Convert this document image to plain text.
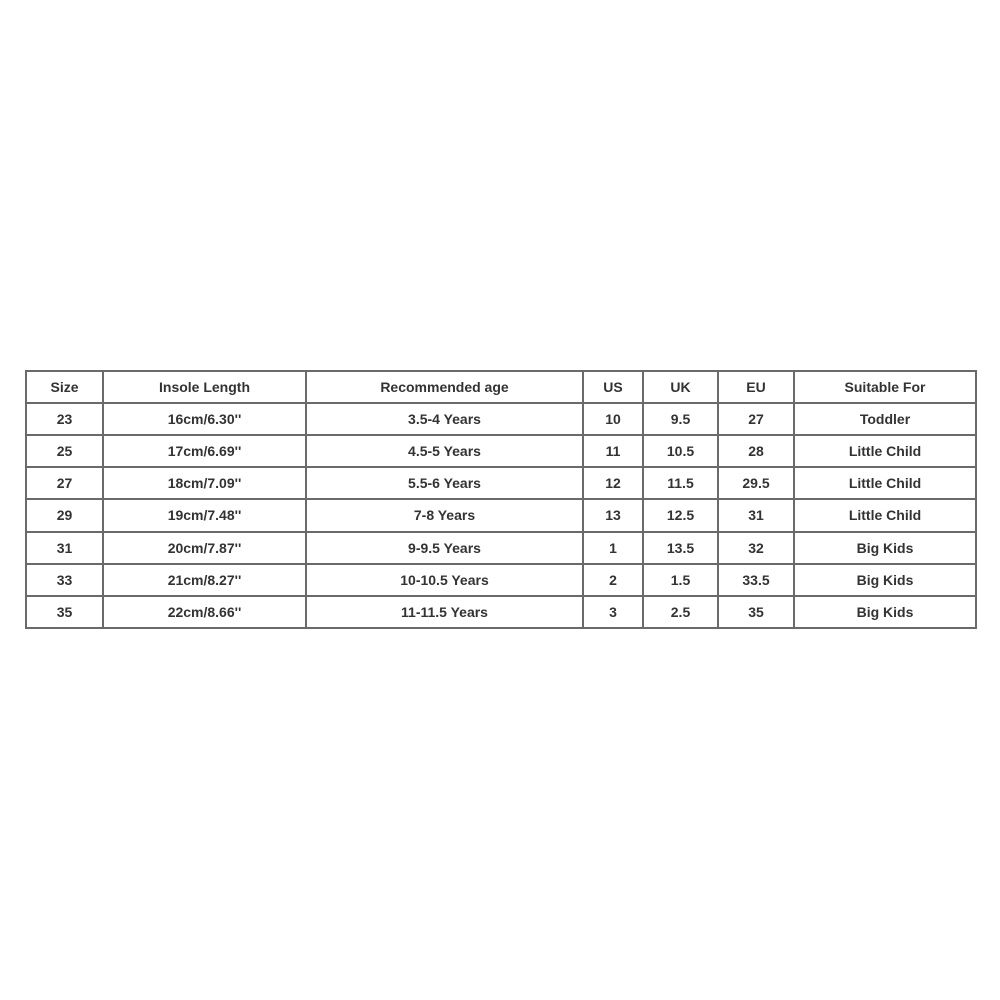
Size	Insole Length	Recommended age	US	UK	EU	Suitable For
23	16cm/6.30''	3.5-4 Years	10	9.5	27	Toddler
25	17cm/6.69''	4.5-5 Years	11	10.5	28	Little Child
27	18cm/7.09''	5.5-6 Years	12	11.5	29.5	Little Child
29	19cm/7.48''	7-8 Years	13	12.5	31	Little Child
31	20cm/7.87''	9-9.5 Years	1	13.5	32	Big Kids
33	21cm/8.27''	10-10.5 Years	2	1.5	33.5	Big Kids
35	22cm/8.66''	11-11.5 Years	3	2.5	35	Big Kids
